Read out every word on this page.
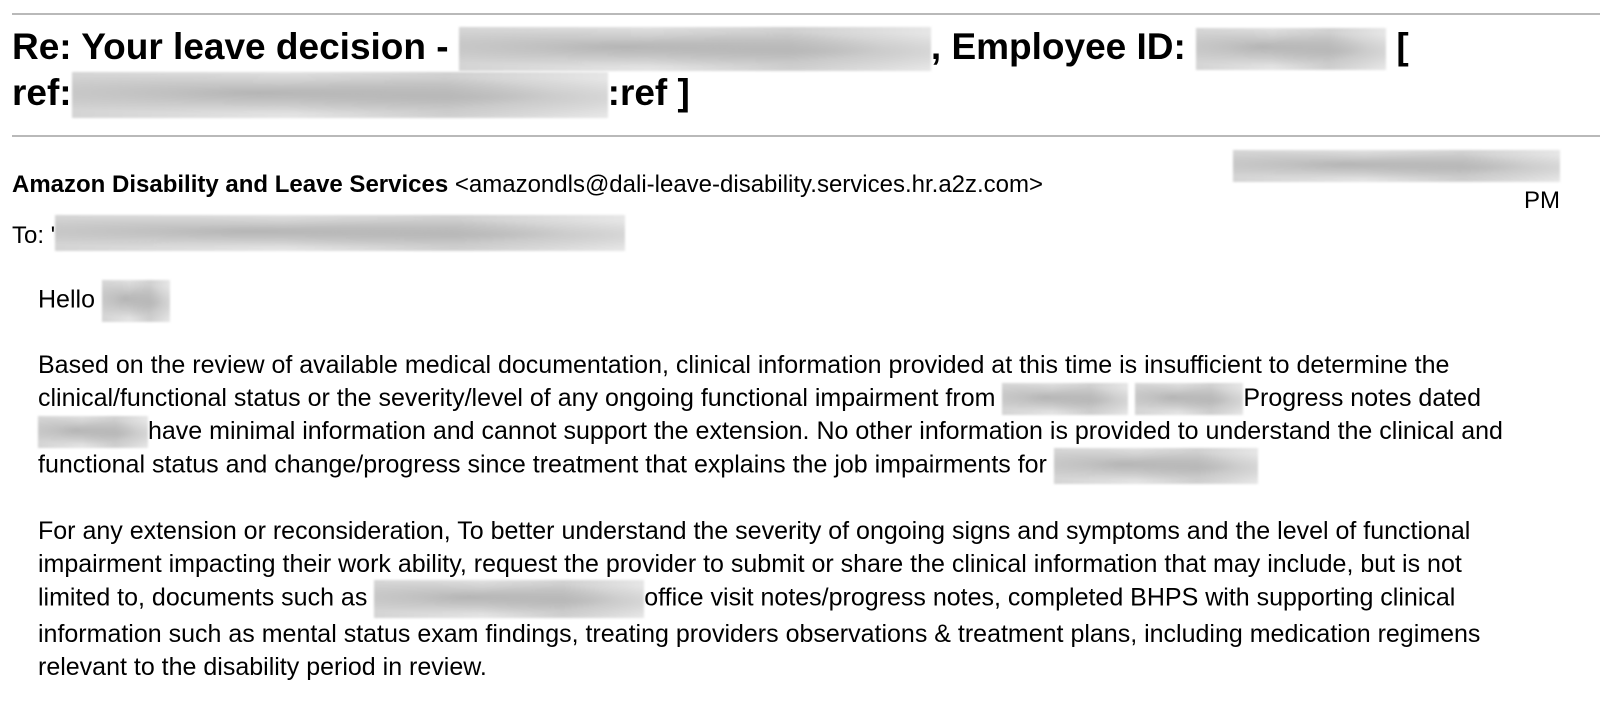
Re: Your leave decision -	, Employee ID:	[
ref:	:ref ]
Amazon Disability and Leave Services <amazondls@dali-leave-disability.services.hr.a2z.com>
PM
To: '

Hello

Based on the review of available medical documentation, clinical information provided at this time is insufficient to determine the clinical/functional status or the severity/level of any ongoing functional impairment from	Progress notes dated have minimal information and cannot support the extension. No other information is provided to understand the clinical and functional status and change/progress since treatment that explains the job impairments for

For any extension or reconsideration, To better understand the severity of ongoing signs and symptoms and the level of functional impairment impacting their work ability, request the provider to submit or share the clinical information that may include, but is not limited to, documents such as	office visit notes/progress notes, completed BHPS with supporting clinical information such as mental status exam findings, treating providers observations & treatment plans, including medication regimens relevant to the disability period in review.
